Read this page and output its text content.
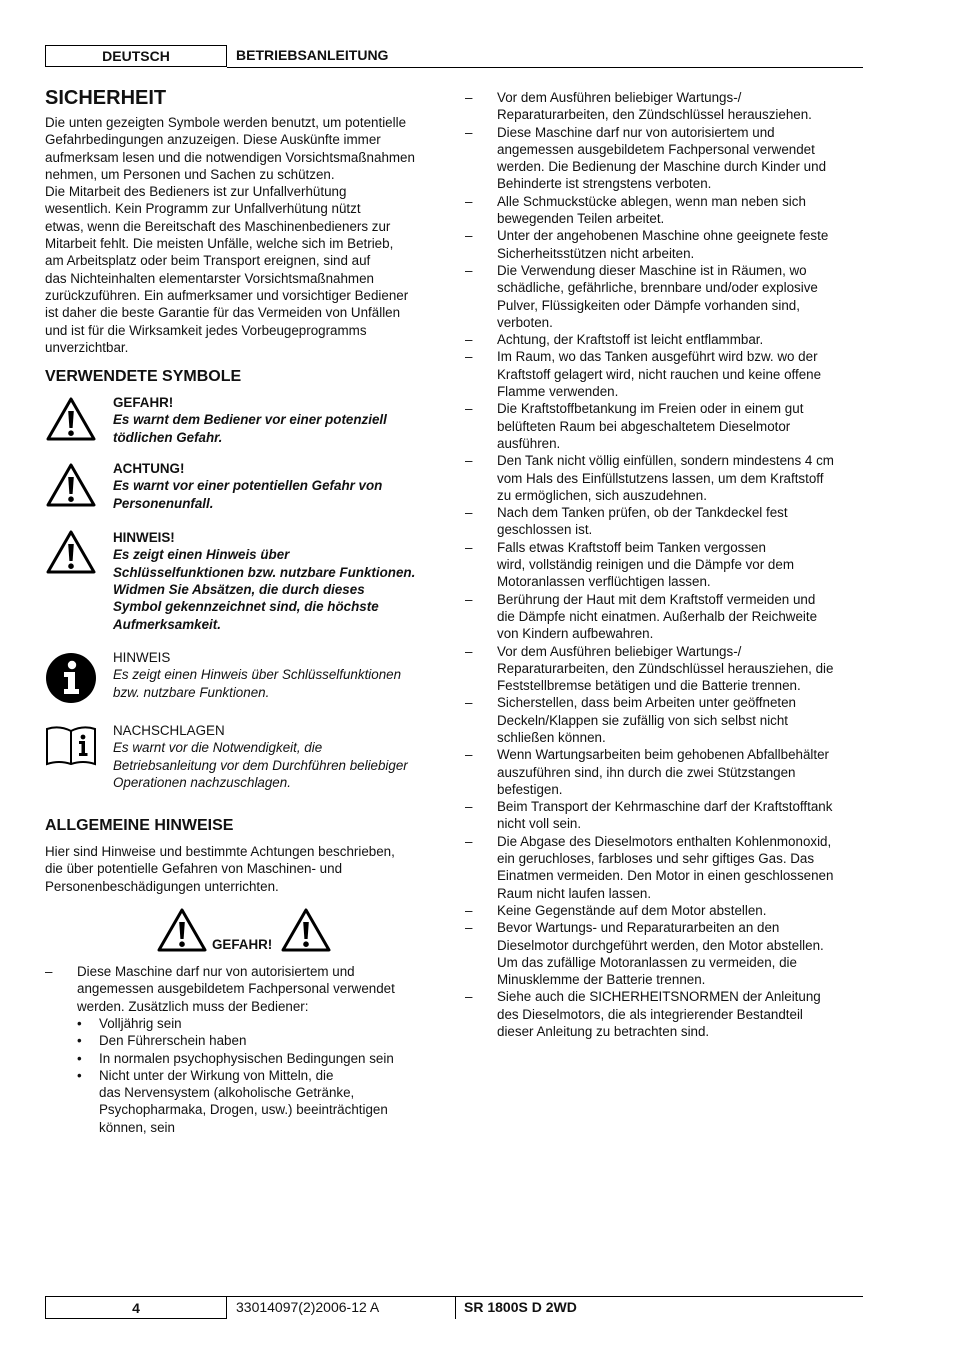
DEUTSCH	BETRIEBSANLEITUNG
SICHERHEIT

Die unten gezeigten Symbole werden benutzt, um potentielle
Gefahrbedingungen anzuzeigen. Diese Auskünfte immer
aufmerksam lesen und die notwendigen Vorsichtsmaßnahmen
nehmen, um Personen und Sachen zu schützen.
Die Mitarbeit des Bedieners ist zur Unfallverhütung
wesentlich. Kein Programm zur Unfallverhütung nützt
etwas, wenn die Bereitschaft des Maschinenbedieners zur
Mitarbeit fehlt. Die meisten Unfälle, welche sich im Betrieb,
am Arbeitsplatz oder beim Transport ereignen, sind auf
das Nichteinhalten elementarster Vorsichtsmaßnahmen
zurückzuführen. Ein aufmerksamer und vorsichtiger Bediener
ist daher die beste Garantie für das Vermeiden von Unfällen
und ist für die Wirksamkeit jedes Vorbeugeprogramms
unverzichtbar.

VERWENDETE SYMBOLE
GEFAHR!
Es warnt dem Bediener vor einer potenziell
tödlichen Gefahr.
ACHTUNG!
Es warnt vor einer potentiellen Gefahr von
Personenunfall.
HINWEIS!
Es zeigt einen Hinweis über
Schlüsselfunktionen bzw. nutzbare Funktionen.
Widmen Sie Absätzen, die durch dieses
Symbol gekennzeichnet sind, die höchste
Aufmerksamkeit.
HINWEIS
Es zeigt einen Hinweis über Schlüsselfunktionen
bzw. nutzbare Funktionen.
NACHSCHLAGEN
Es warnt vor die Notwendigkeit, die
Betriebsanleitung vor dem Durchführen beliebiger
Operationen nachzuschlagen.
ALLGEMEINE HINWEISE

Hier sind Hinweise und bestimmte Achtungen beschrieben,
die über potentielle Gefahren von Maschinen- und
Personenbeschädigungen unterrichten.

GEFAHR!
– Diese Maschine darf nur von autorisiertem und
angemessen ausgebildetem Fachpersonal verwendet
werden. Zusätzlich muss der Bediener:
• Volljährig sein
• Den Führerschein haben
• In normalen psychophysischen Bedingungen sein
• Nicht unter der Wirkung von Mitteln, die
das Nervensystem (alkoholische Getränke,
Psychopharmaka, Drogen, usw.) beeinträchtigen
können, sein
– Vor dem Ausführen beliebiger Wartungs-/
Reparaturarbeiten, den Zündschlüssel herausziehen.
– Diese Maschine darf nur von autorisiertem und
angemessen ausgebildetem Fachpersonal verwendet
werden. Die Bedienung der Maschine durch Kinder und
Behinderte ist strengstens verboten.
– Alle Schmuckstücke ablegen, wenn man neben sich
bewegenden Teilen arbeitet.
– Unter der angehobenen Maschine ohne geeignete feste
Sicherheitsstützen nicht arbeiten.
– Die Verwendung dieser Maschine ist in Räumen, wo
schädliche, gefährliche, brennbare und/oder explosive
Pulver, Flüssigkeiten oder Dämpfe vorhanden sind,
verboten.
– Achtung, der Kraftstoff ist leicht entflammbar.
– Im Raum, wo das Tanken ausgeführt wird bzw. wo der
Kraftstoff gelagert wird, nicht rauchen und keine offene
Flamme verwenden.
– Die Kraftstoffbetankung im Freien oder in einem gut
belüfteten Raum bei abgeschaltetem Dieselmotor
ausführen.
– Den Tank nicht völlig einfüllen, sondern mindestens 4 cm
vom Hals des Einfüllstutzens lassen, um dem Kraftstoff
zu ermöglichen, sich auszudehnen.
– Nach dem Tanken prüfen, ob der Tankdeckel fest
geschlossen ist.
– Falls etwas Kraftstoff beim Tanken vergossen
wird, vollständig reinigen und die Dämpfe vor dem
Motoranlassen verflüchtigen lassen.
– Berührung der Haut mit dem Kraftstoff vermeiden und
die Dämpfe nicht einatmen. Außerhalb der Reichweite
von Kindern aufbewahren.
– Vor dem Ausführen beliebiger Wartungs-/
Reparaturarbeiten, den Zündschlüssel herausziehen, die
Feststellbremse betätigen und die Batterie trennen.
– Sicherstellen, dass beim Arbeiten unter geöffneten
Deckeln/Klappen sie zufällig von sich selbst nicht
schließen können.
– Wenn Wartungsarbeiten beim gehobenen Abfallbehälter
auszuführen sind, ihn durch die zwei Stützstangen
befestigen.
– Beim Transport der Kehrmaschine darf der Kraftstofftank
nicht voll sein.
– Die Abgase des Dieselmotors enthalten Kohlenmonoxid,
ein geruchloses, farbloses und sehr giftiges Gas. Das
Einatmen vermeiden. Den Motor in einen geschlossenen
Raum nicht laufen lassen.
– Keine Gegenstände auf dem Motor abstellen.
– Bevor Wartungs- und Reparaturarbeiten an den
Dieselmotor durchgeführt werden, den Motor abstellen.
Um das zufällige Motoranlassen zu vermeiden, die
Minusklemme der Batterie trennen.
– Siehe auch die SICHERHEITSNORMEN der Anleitung
des Dieselmotors, die als integrierender Bestandteil
dieser Anleitung zu betrachten sind.
4	33014097(2)2006-12 A	SR 1800S D 2WD
